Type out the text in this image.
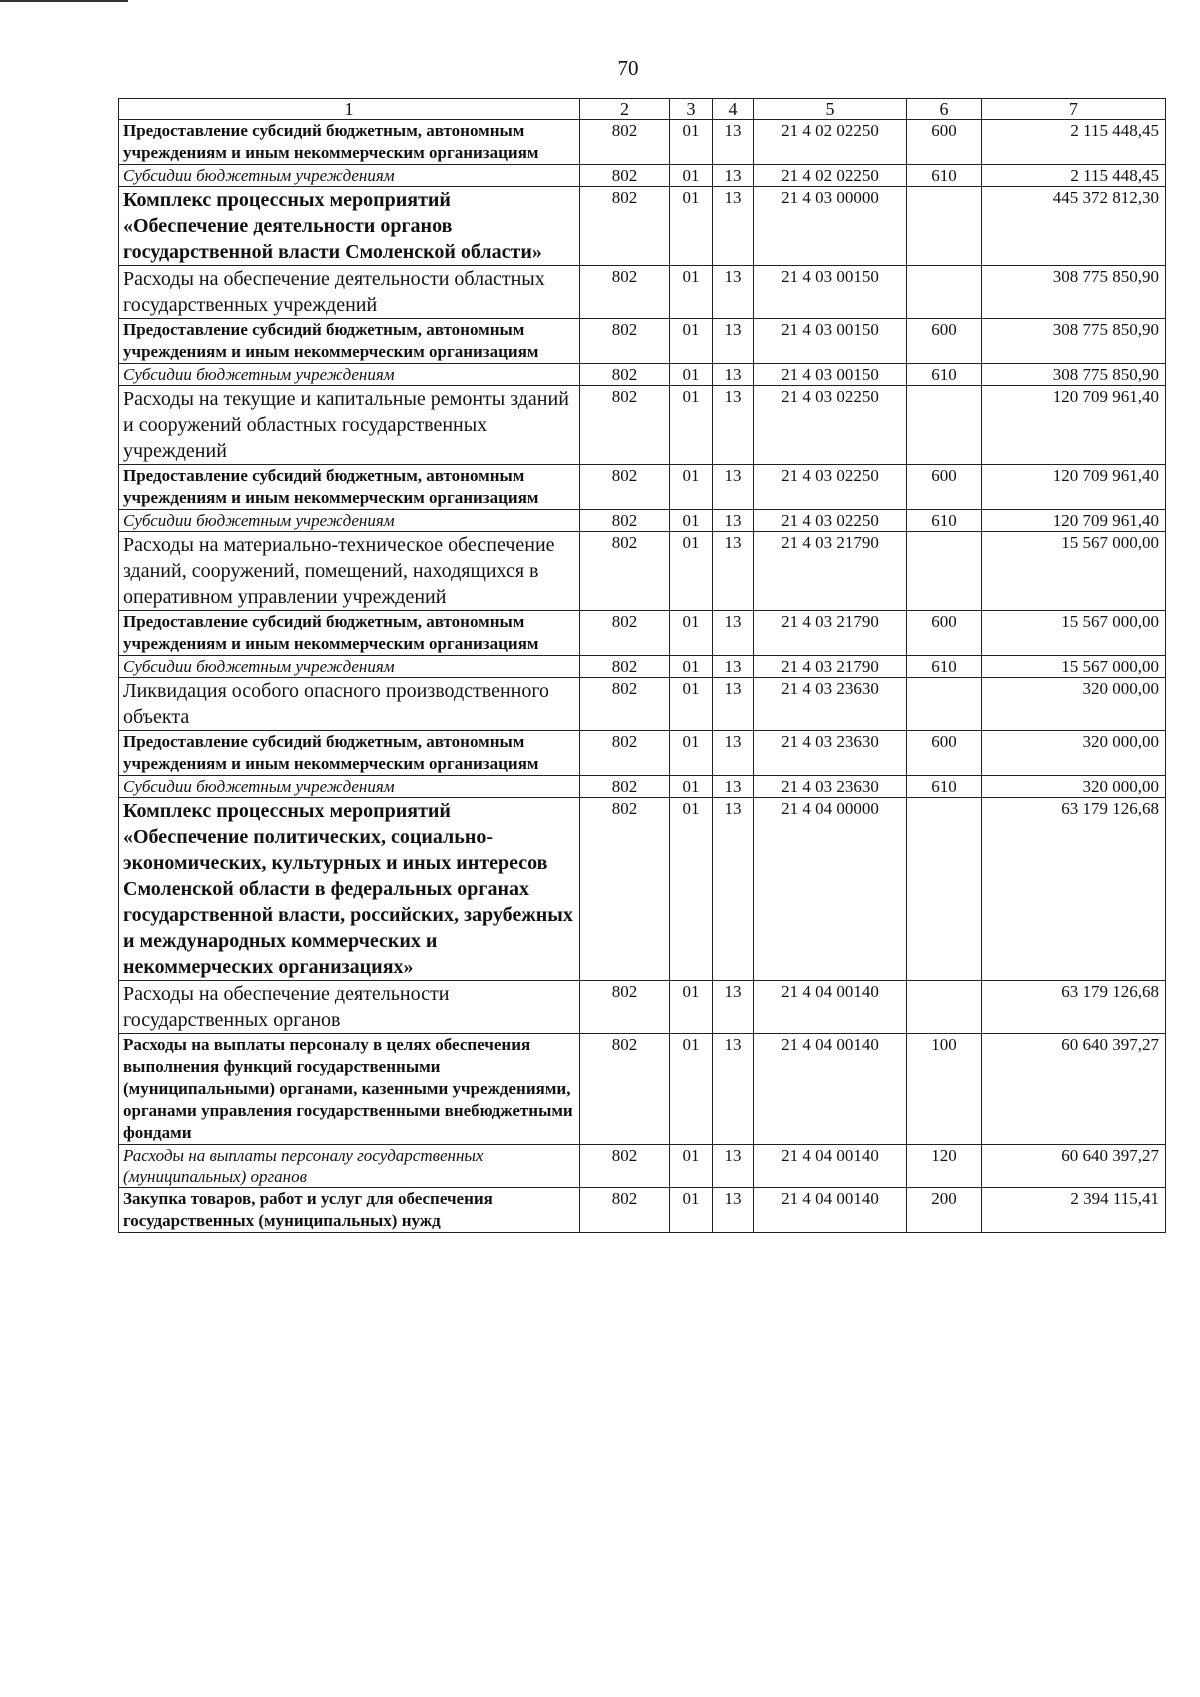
70
1	2	3	4	5	6	7
Предоставление субсидий бюджетным, автономным учреждениям и иным некоммерческим организациям	802	01	13	21 4 02 02250	600	2 115 448,45
Субсидии бюджетным учреждениям	802	01	13	21 4 02 02250	610	2 115 448,45
Комплекс процессных мероприятий «Обеспечение деятельности органов государственной власти Смоленской области»	802	01	13	21 4 03 00000		445 372 812,30
Расходы на обеспечение деятельности областных государственных учреждений	802	01	13	21 4 03 00150		308 775 850,90
Предоставление субсидий бюджетным, автономным учреждениям и иным некоммерческим организациям	802	01	13	21 4 03 00150	600	308 775 850,90
Субсидии бюджетным учреждениям	802	01	13	21 4 03 00150	610	308 775 850,90
Расходы на текущие и капитальные ремонты зданий и сооружений областных государственных учреждений	802	01	13	21 4 03 02250		120 709 961,40
Предоставление субсидий бюджетным, автономным учреждениям и иным некоммерческим организациям	802	01	13	21 4 03 02250	600	120 709 961,40
Субсидии бюджетным учреждениям	802	01	13	21 4 03 02250	610	120 709 961,40
Расходы на материально-техническое обеспечение зданий, сооружений, помещений, находящихся в оперативном управлении учреждений	802	01	13	21 4 03 21790		15 567 000,00
Предоставление субсидий бюджетным, автономным учреждениям и иным некоммерческим организациям	802	01	13	21 4 03 21790	600	15 567 000,00
Субсидии бюджетным учреждениям	802	01	13	21 4 03 21790	610	15 567 000,00
Ликвидация особого опасного производственного объекта	802	01	13	21 4 03 23630		320 000,00
Предоставление субсидий бюджетным, автономным учреждениям и иным некоммерческим организациям	802	01	13	21 4 03 23630	600	320 000,00
Субсидии бюджетным учреждениям	802	01	13	21 4 03 23630	610	320 000,00
Комплекс процессных мероприятий «Обеспечение политических, социально-экономических, культурных и иных интересов Смоленской области в федеральных органах государственной власти, российских, зарубежных и международных коммерческих и некоммерческих организациях»	802	01	13	21 4 04 00000		63 179 126,68
Расходы на обеспечение деятельности государственных органов	802	01	13	21 4 04 00140		63 179 126,68
Расходы на выплаты персоналу в целях обеспечения выполнения функций государственными (муниципальными) органами, казенными учреждениями, органами управления государственными внебюджетными фондами	802	01	13	21 4 04 00140	100	60 640 397,27
Расходы на выплаты персоналу государственных (муниципальных) органов	802	01	13	21 4 04 00140	120	60 640 397,27
Закупка товаров, работ и услуг для обеспечения государственных (муниципальных) нужд	802	01	13	21 4 04 00140	200	2 394 115,41
